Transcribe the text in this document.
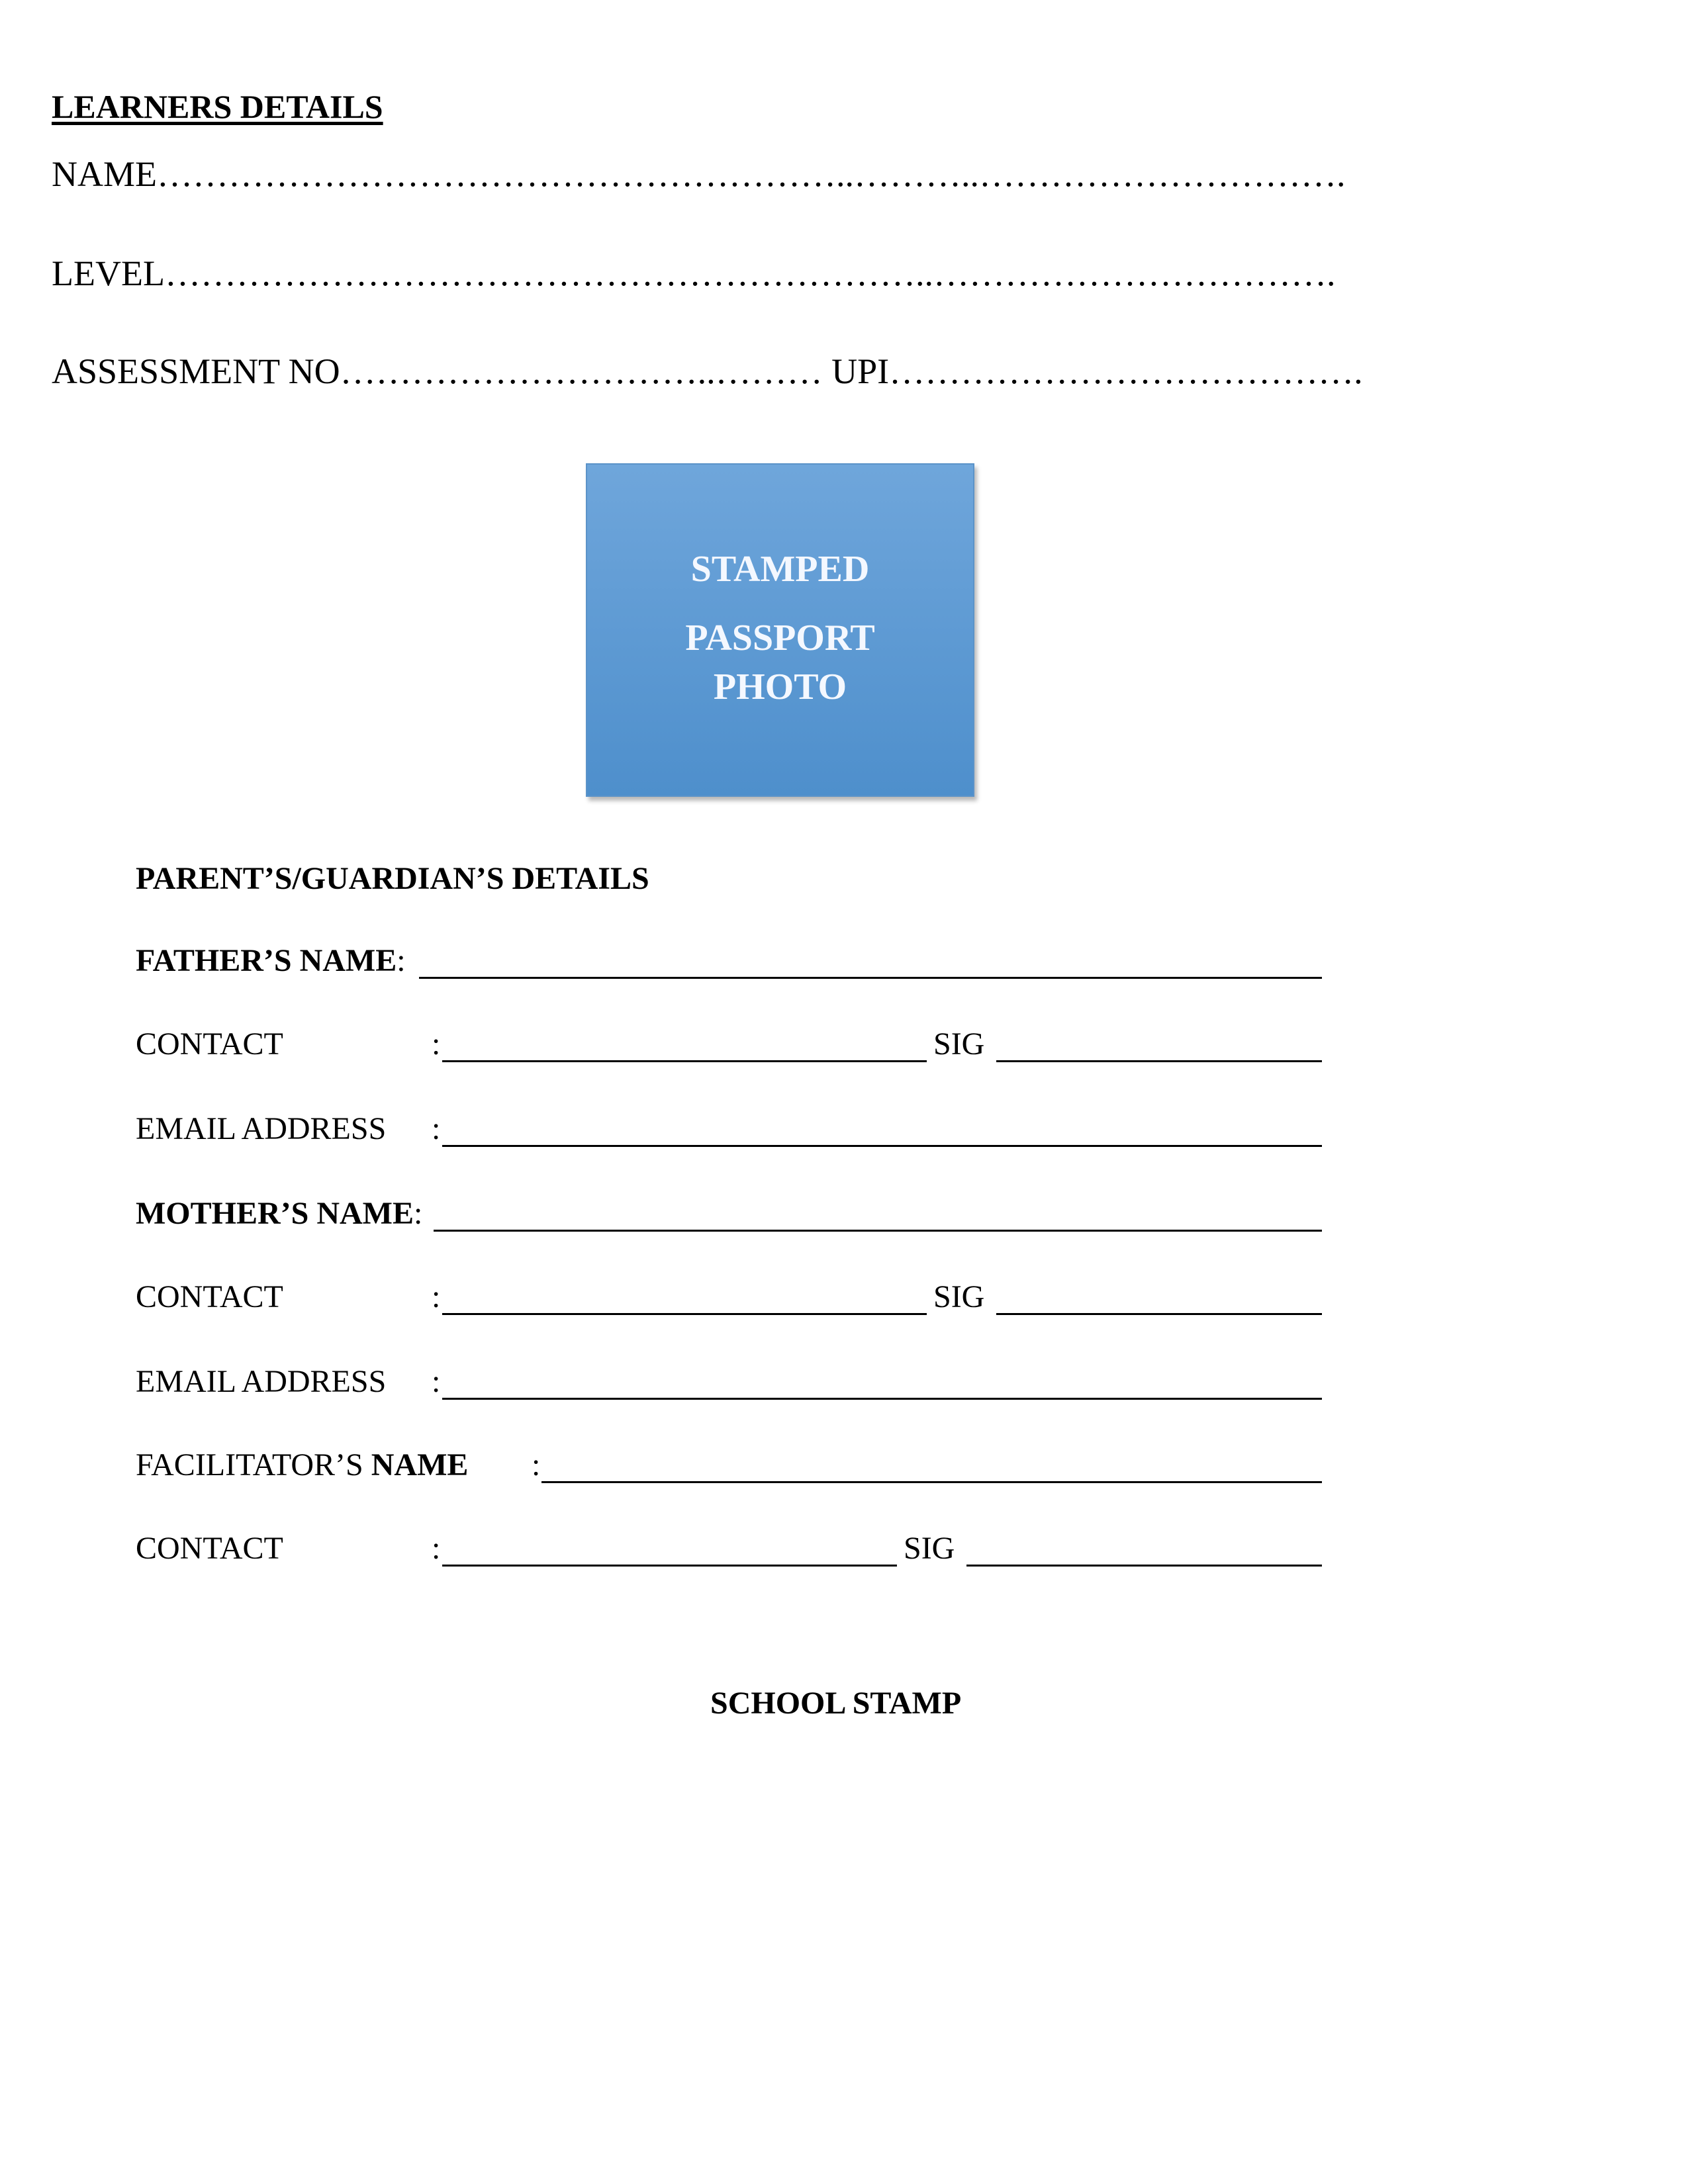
LEARNERS DETAILS
NAME…………………………………………………..………..………………………….
LEVEL………………………………………………………..…………………………….
ASSESSMENT NO…………………………..……… UPI………………………………….
STAMPED
PASSPORT
PHOTO
PARENT’S/GUARDIAN’S DETAILS
FATHER’S NAME:
CONTACT	:	SIG
EMAIL ADDRESS :
MOTHER’S NAME:
CONTACT	:	SIG
EMAIL ADDRESS :
FACILITATOR’S NAME :
CONTACT	:	SIG
SCHOOL STAMP
